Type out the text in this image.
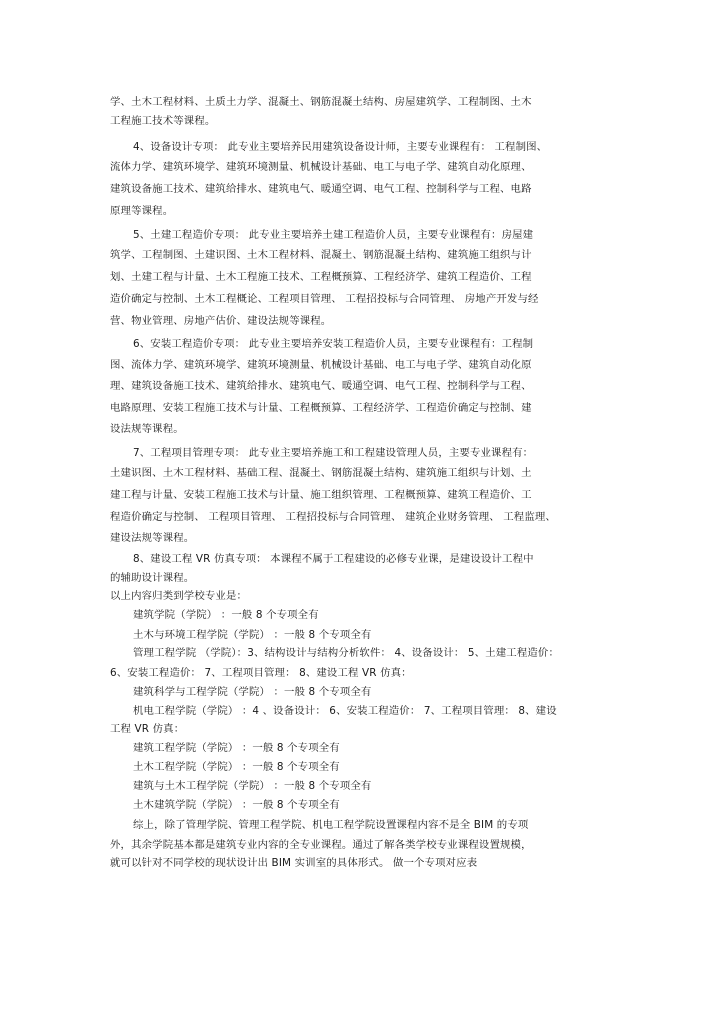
学、土木工程材料、土质土力学、混凝土、钢筋混凝土结构、房屋建筑学、工程制图、土木
工程施工技术等课程。
4、设备设计专项： 此专业主要培养民用建筑设备设计师，主要专业课程有： 工程制图、
流体力学、建筑环境学、建筑环境测量、机械设计基础、电工与电子学、建筑自动化原理、
建筑设备施工技术、建筑给排水、建筑电气、暖通空调、电气工程、控制科学与工程、电路
原理等课程。
5、土建工程造价专项： 此专业主要培养土建工程造价人员，主要专业课程有：房屋建
筑学、工程制图、土建识图、土木工程材料、混凝土、钢筋混凝土结构、建筑施工组织与计
划、土建工程与计量、土木工程施工技术、工程概预算、工程经济学、建筑工程造价、工程
造价确定与控制、土木工程概论、工程项目管理、 工程招投标与合同管理、 房地产开发与经
营、物业管理、房地产估价、建设法规等课程。
6、安装工程造价专项： 此专业主要培养安装工程造价人员，主要专业课程有：工程制
图、流体力学、建筑环境学、建筑环境测量、机械设计基础、电工与电子学、建筑自动化原
理、建筑设备施工技术、建筑给排水、建筑电气、暖通空调、电气工程、控制科学与工程、
电路原理、安装工程施工技术与计量、工程概预算、工程经济学、工程造价确定与控制、建
设法规等课程。
7、工程项目管理专项： 此专业主要培养施工和工程建设管理人员，主要专业课程有：
土建识图、土木工程材料、基础工程、混凝土、钢筋混凝土结构、建筑施工组织与计划、土
建工程与计量、安装工程施工技术与计量、施工组织管理、工程概预算、建筑工程造价、工
程造价确定与控制、 工程项目管理、 工程招投标与合同管理、 建筑企业财务管理、 工程监理、
建设法规等课程。
8、建设工程 VR 仿真专项： 本课程不属于工程建设的必修专业课，是建设设计工程中
的辅助设计课程。
以上内容归类到学校专业是：
建筑学院（学院） ：一般 8 个专项全有
土木与环境工程学院（学院） ：一般 8 个专项全有
管理工程学院 （学院）：3、结构设计与结构分析软件： 4、设备设计： 5、土建工程造价：
6、安装工程造价： 7、工程项目管理： 8、建设工程 VR 仿真：
建筑科学与工程学院（学院） ：一般 8 个专项全有
机电工程学院（学院） ：4 、设备设计： 6、安装工程造价： 7、工程项目管理： 8、建设
工程 VR 仿真：
建筑工程学院（学院） ：一般 8 个专项全有
土木工程学院（学院） ：一般 8 个专项全有
建筑与土木工程学院（学院） ：一般 8 个专项全有
土木建筑学院（学院） ：一般 8 个专项全有
综上，除了管理学院、管理工程学院、机电工程学院设置课程内容不是全 BIM 的专项
外，其余学院基本都是建筑专业内容的全专业课程。通过了解各类学校专业课程设置规模，
就可以针对不同学校的现状设计出 BIM 实训室的具体形式。 做一个专项对应表
